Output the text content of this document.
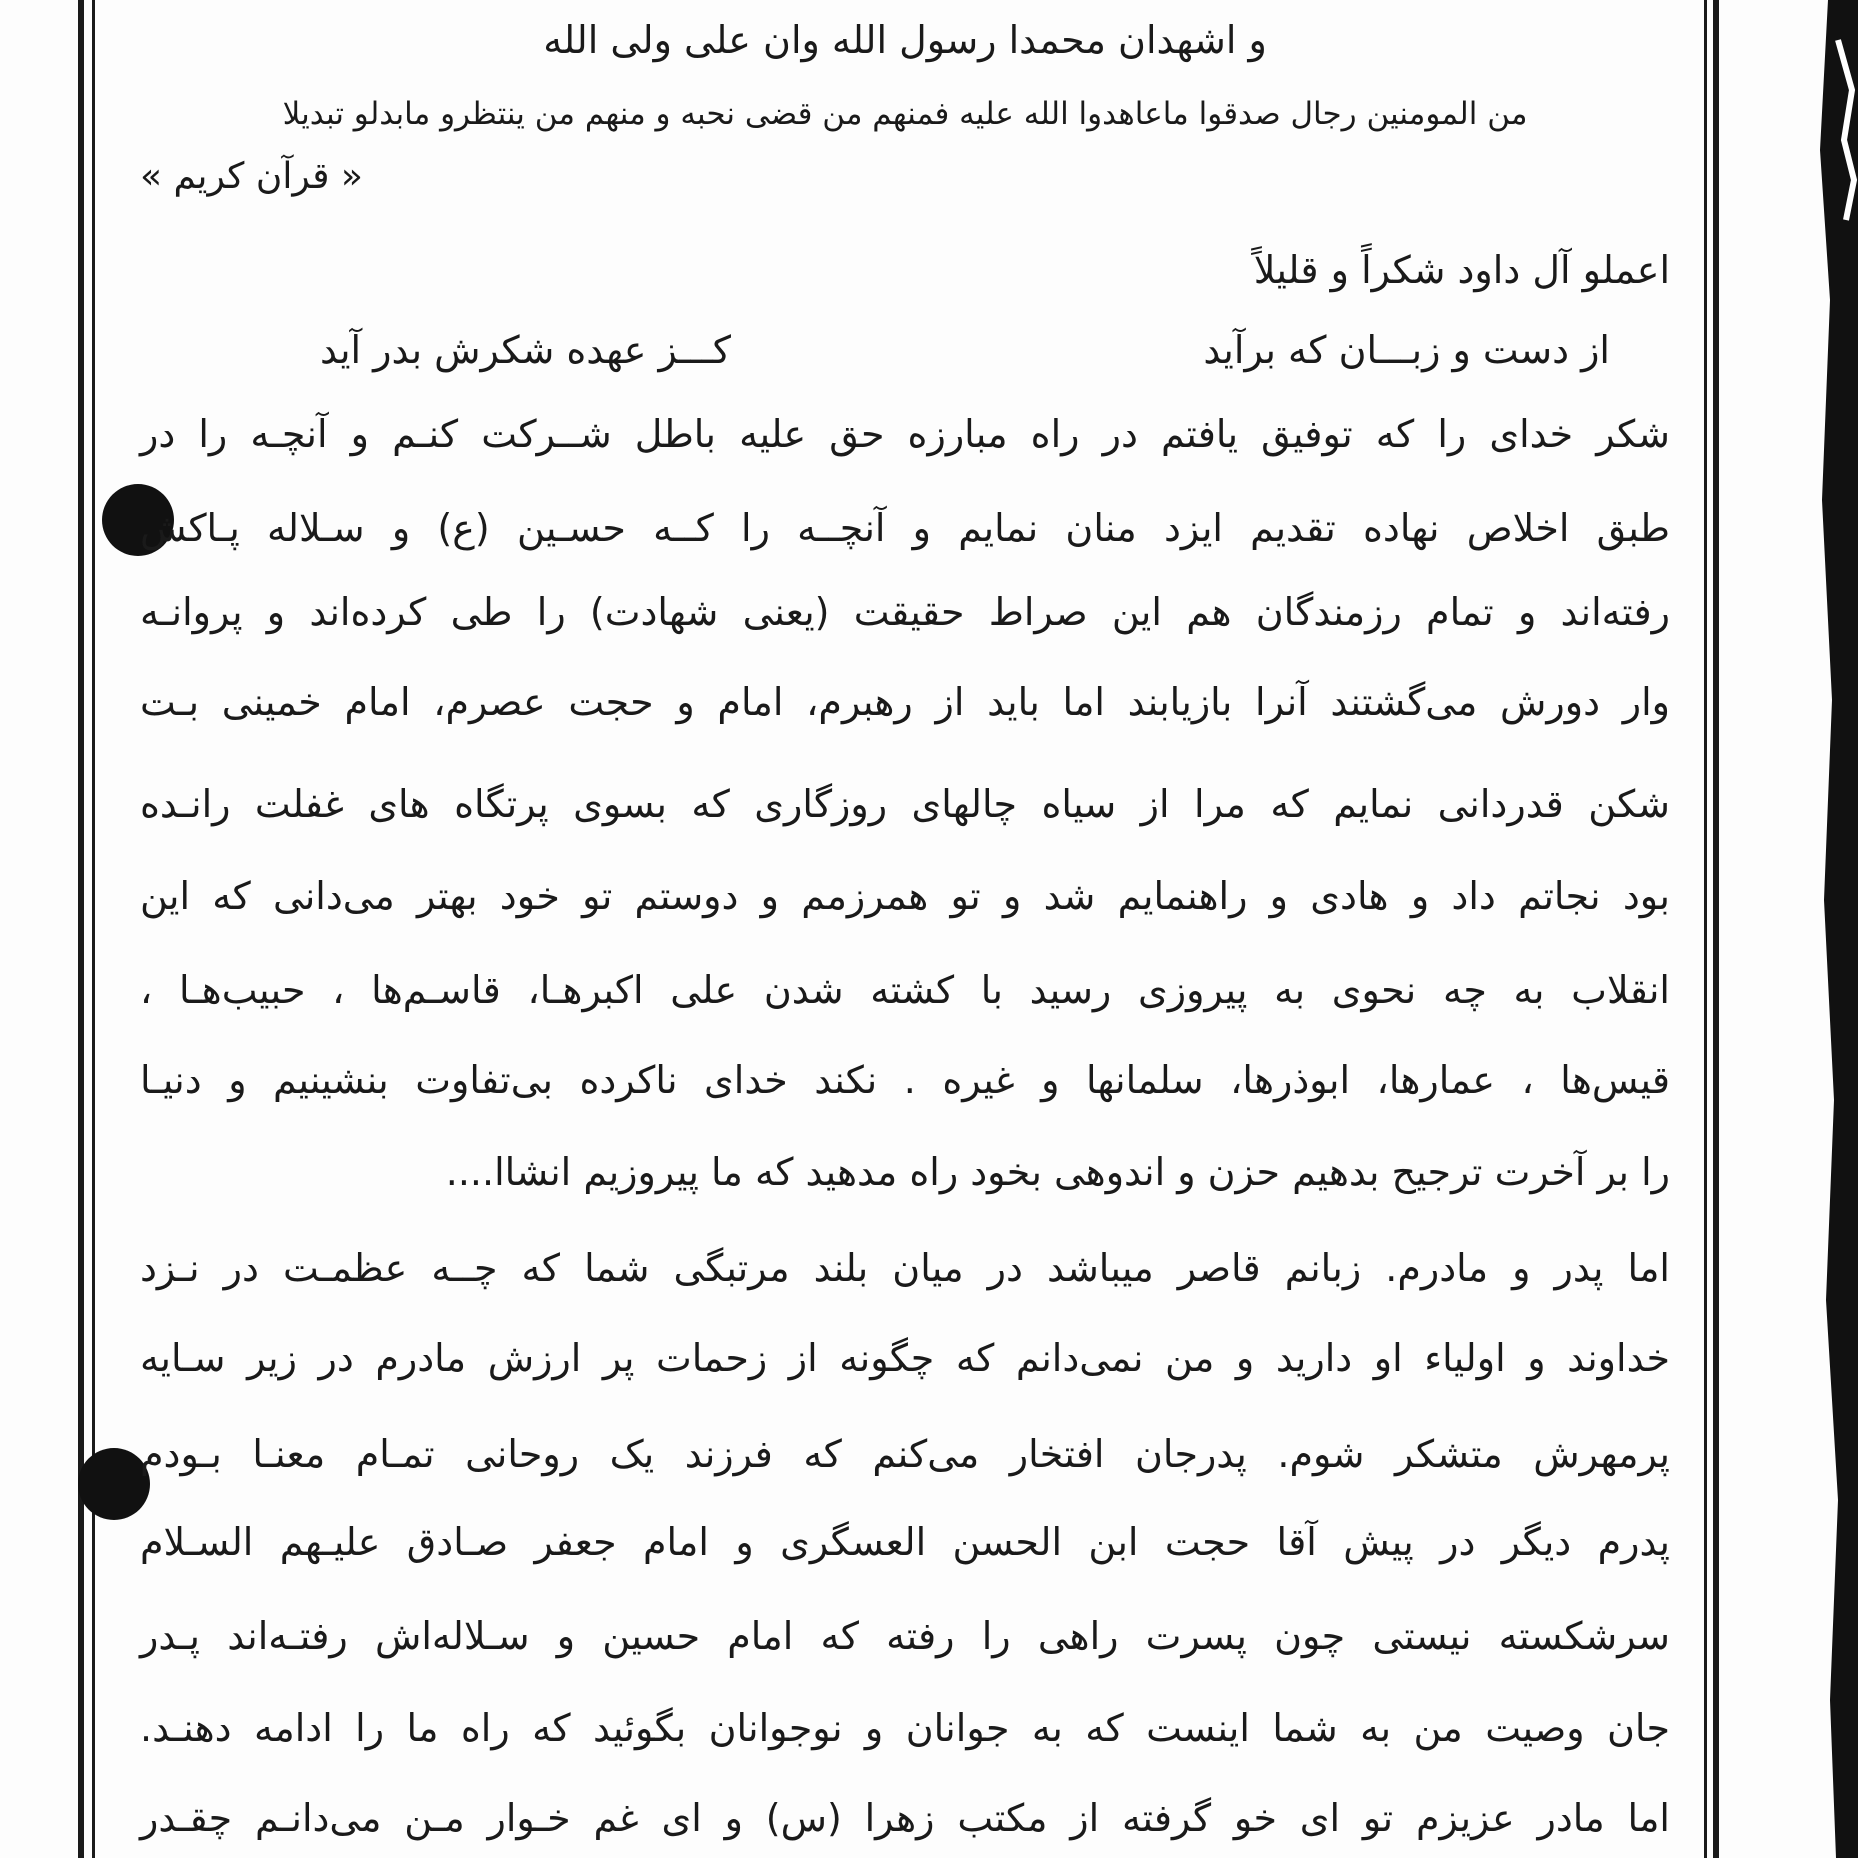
و اشهدان محمدا رسول الله وان علی ولی الله
من المومنین رجال صدقوا ماعاهدوا الله علیه فمنهم من قضی نحبه و منهم من ینتظرو مابدلو تبدیلا
« قرآن کریم »
اعملو آل داود شکراً و قلیلاً
از دست و زبـــان که برآید
کـــز عهده شکرش بدر آید
شکر خدای را که توفیق یافتم در راه مبارزه حق علیه باطل شــرکت کنـم و آنچـه را در
طبق اخلاص نهاده تقدیم ایزد منان نمایم و آنچــه را کــه حسـین (ع) و سـلاله پـاکش
رفته‌اند و تمام رزمندگان هم این صراط حقیقت (یعنی شهادت) را طی کرده‌اند و پروانـه
وار دورش می‌گشتند آنرا بازیابند اما باید از رهبرم، امام و حجت عصرم، امام خمینی بـت
شکن قدردانی نمایم که مرا از سیاه چالهای روزگاری که بسوی پرتگاه های غفلت رانـده
بود نجاتم داد و هادی و راهنمایم شد و تو همرزمم و دوستم تو خود بهتر می‌دانی که این
انقلاب به چه نحوی به پیروزی رسید با کشته شدن علی اکبرهـا، قاسـم‌ها ، حبیب‌هـا ،
قیس‌ها ، عمارها، ابوذرها، سلمانها و غیره . نکند خدای ناکرده بی‌تفاوت بنشینیم و دنیـا
را بر آخرت ترجیح بدهیم حزن و اندوهی بخود راه مدهید که ما پیروزیم انشاا....
اما پدر و مادرم. زبانم قاصر میباشد در میان بلند مرتبگی شما که چــه عظمـت در نـزد
خداوند و اولیاء او دارید و من نمی‌دانم که چگونه از زحمات پر ارزش مادرم در زیر سـایه
پرمهرش متشکر شوم. پدرجان افتخار می‌کنم که فرزند یک روحانی تمـام معنـا بـودم
پدرم دیگر در پیش آقا حجت ابن الحسن العسگری و امام جعفر صـادق علیـهم السـلام
سرشکسته نیستی چون پسرت راهی را رفته که امام حسین و سـلاله‌اش رفتـه‌اند پـدر
جان وصیت من به شما اینست که به جوانان و نوجوانان بگوئید که راه ما را ادامه دهنـد.
اما مادر عزیزم تو ای خو گرفته از مکتب زهرا (س) و ای غم خـوار مـن می‌دانـم چقـدر
